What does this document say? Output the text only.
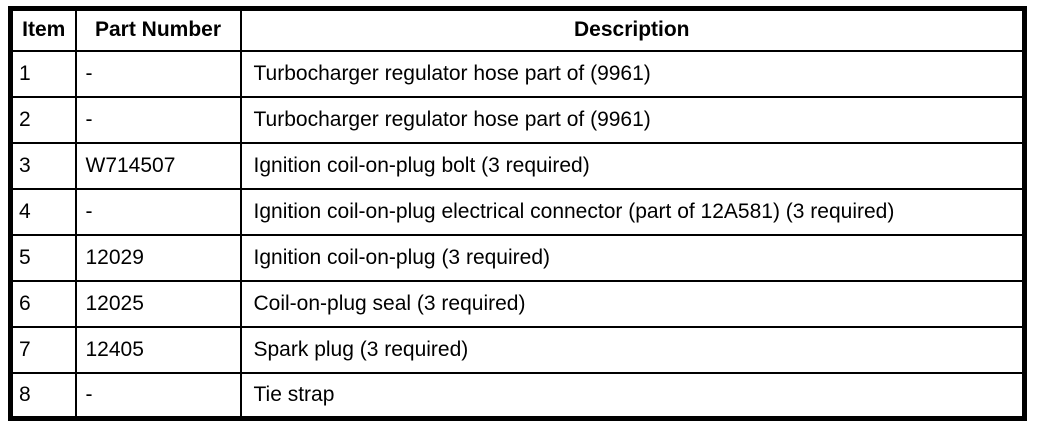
Item	Part Number	Description
1	-	Turbocharger regulator hose part of (9961)
2	-	Turbocharger regulator hose part of (9961)
3	W714507	Ignition coil-on-plug bolt (3 required)
4	-	Ignition coil-on-plug electrical connector (part of 12A581) (3 required)
5	12029	Ignition coil-on-plug (3 required)
6	12025	Coil-on-plug seal (3 required)
7	12405	Spark plug (3 required)
8	-	Tie strap
